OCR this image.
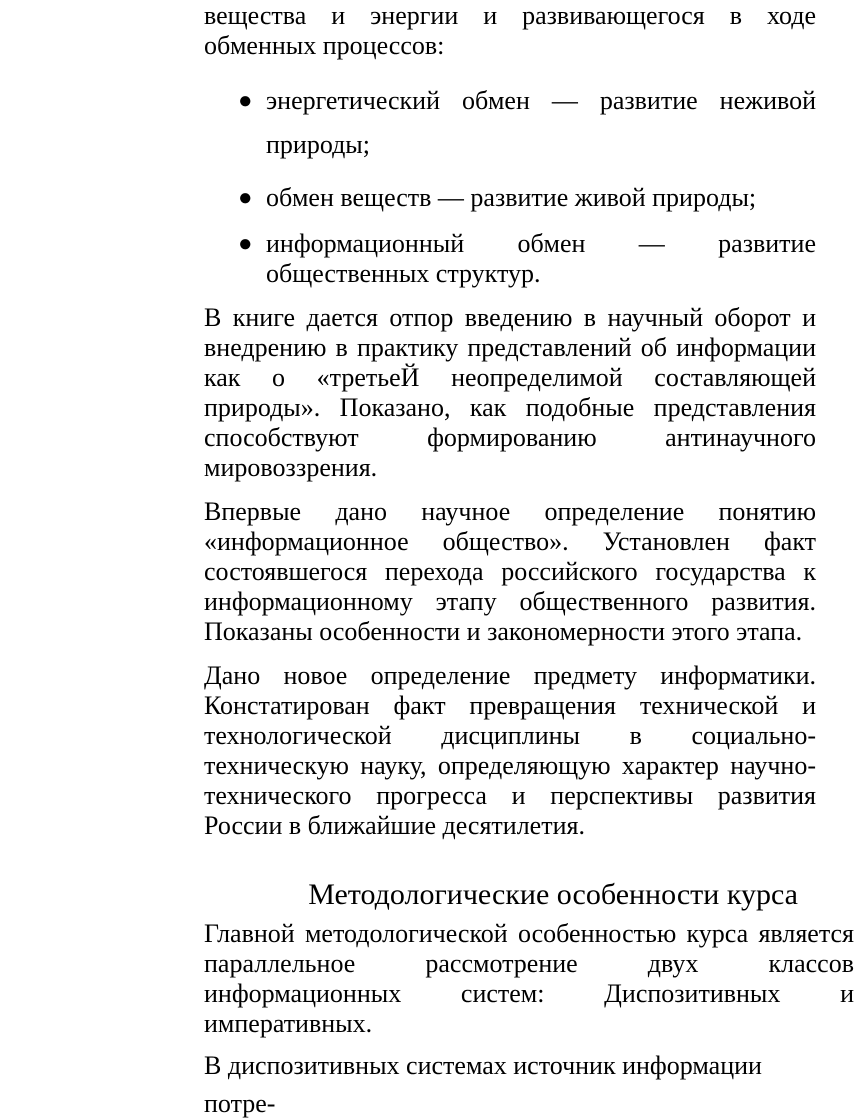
вещества и энергии и развивающегося в ходе обменных процессов:

● энергетический обмен — развитие неживой природы;
● обмен веществ — развитие живой природы;
● информационный обмен — развитие общественных структур.

В книге дается отпор введению в научный оборот и внедрению в практику представлений об информации как о «третьеЙ неопределимой составляющей природы». Показано, как подобные представления способствуют формированию антинаучного мировоззрения.

Впервые дано научное определение понятию «информационное общество». Установлен факт состоявшегося перехода российского государства к информационному этапу общественного развития. Показаны особенности и закономерности этого этапа.

Дано новое определение предмету информатики. Констатирован факт превращения технической и технологической дисциплины в социально-техническую науку, определяющую характер научно-технического прогресса и перспективы развития России в ближайшие десятилетия.

Методологические особенности курса

Главной методологической особенностью курса является параллельное рассмотрение двух классов информационных систем: Диспозитивных и императивных.

В диспозитивных системах источник информации
потре-
